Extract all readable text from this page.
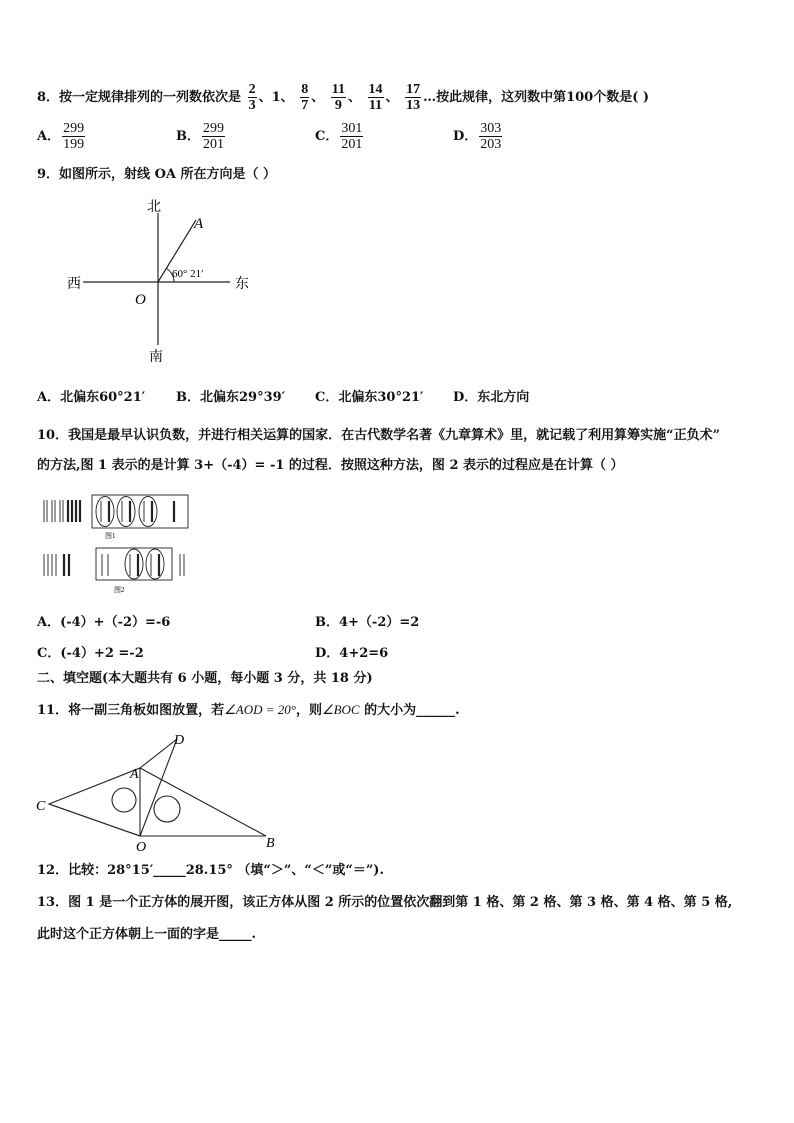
8．按一定规律排列的一列数依次是 $\frac{2}{3}$ 、1、 $\frac{8}{7}$ 、 $\frac{11}{9}$ 、 $\frac{14}{11}$ 、 $\frac{17}{13}$ …按此规律，这列数中第100个数是( )
A． $\frac{299}{199}$	B． $\frac{299}{201}$	C． $\frac{301}{201}$	D． $\frac{303}{203}$
9．如图所示，射线 OA 所在方向是（ ）
北
南
西	东
O
A
60° 21′
A．北偏东60°21′ B．北偏东29°39′ C．北偏东30°21′ D．东北方向
10．我国是最早认识负数，并进行相关运算的国家．在古代数学名著《九章算术》里，就记载了利用算筹实施“正负术”
的方法,图 1 表示的是计算 3+（-4）= -1 的过程．按照这种方法，图 2 表示的过程应是在计算（ ）
图1
图2
A．(-4）+（-2）=-6	B．4+（-2）=2
C．(-4）+2 =-2	D．4+2=6
二、填空题(本大题共有 6 小题，每小题 3 分，共 18 分)
11．将一副三角板如图放置，若∠AOD = 20°，则∠BOC 的大小为______.
C
A
D
O	B
12．比较：28°15′_____28.15° （填“＞”、“＜”或“＝”).
13．图 1 是一个正方体的展开图，该正方体从图 2 所示的位置依次翻到第 1 格、第 2 格、第 3 格、第 4 格、第 5 格,
此时这个正方体朝上一面的字是_____.
